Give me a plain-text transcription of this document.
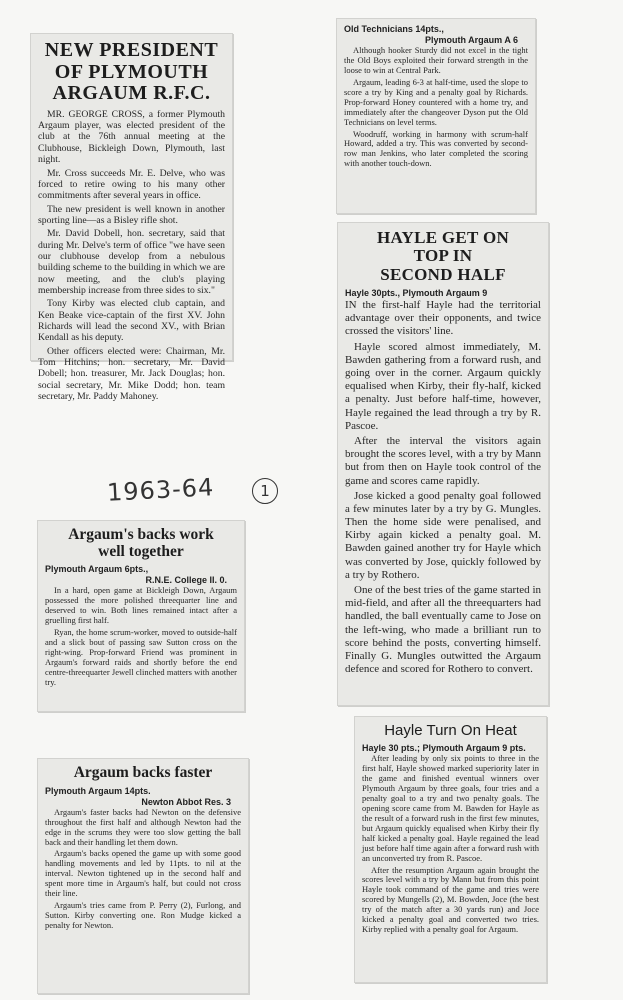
NEW PRESIDENT
OF PLYMOUTH
ARGAUM R.F.C.

MR. GEORGE CROSS, a former Plymouth Argaum player, was elected president of the club at the 76th annual meeting at the Clubhouse, Bickleigh Down, Plymouth, last night.

Mr. Cross succeeds Mr. E. Delve, who was forced to retire owing to his many other commitments after several years in office.

The new president is well known in another sporting line—as a Bisley rifle shot.

Mr. David Dobell, hon. secretary, said that during Mr. Delve's term of office "we have seen our clubhouse develop from a nebulous building scheme to the building in which we are now meeting, and the club's playing membership increase from three sides to six."

Tony Kirby was elected club captain, and Ken Beake vice-captain of the first XV. John Richards will lead the second XV., with Brian Kendall as his deputy.

Other officers elected were: Chairman, Mr. Tom Hitchins; hon. secretary, Mr. David Dobell; hon. treasurer, Mr. Jack Douglas; hon. social secretary, Mr. Mike Dodd; hon. team secretary, Mr. Paddy Mahoney.

1963-64	1
Argaum's backs work
well together
Plymouth Argaum 6pts.,
R.N.E. College II. 0.

In a hard, open game at Bickleigh Down, Argaum possessed the more polished threequarter line and deserved to win. Both lines remained intact after a gruelling first half.

Ryan, the home scrum-worker, moved to outside-half and a slick bout of passing saw Sutton cross on the right-wing. Prop-forward Friend was prominent in Argaum's forward raids and shortly before the end centre-threequarter Jewell clinched matters with another try.

Argaum backs faster
Plymouth Argaum 14pts.
Newton Abbot Res. 3

Argaum's faster backs had Newton on the defensive throughout the first half and although Newton had the edge in the scrums they were too slow getting the ball back and their handling let them down.

Argaum's backs opened the game up with some good handling movements and led by 11pts. to nil at the interval. Newton tightened up in the second half and spent more time in Argaum's half, but could not cross their line.

Argaum's tries came from P. Perry (2), Furlong, and Sutton. Kirby converting one. Ron Mudge kicked a penalty for Newton.

Old Technicians 14pts.,
Plymouth Argaum A 6

Although hooker Sturdy did not excel in the tight the Old Boys exploited their forward strength in the loose to win at Central Park.

Argaum, leading 6-3 at half-time, used the slope to score a try by King and a penalty goal by Richards. Prop-forward Honey countered with a home try, and immediately after the changeover Dyson put the Old Technicians on level terms.

Woodruff, working in harmony with scrum-half Howard, added a try. This was converted by second-row man Jenkins, who later completed the scoring with another touch-down.

HAYLE GET ON
TOP IN
SECOND HALF
Hayle 30pts., Plymouth Argaum 9

IN the first-half Hayle had the territorial advantage over their opponents, and twice crossed the visitors' line.

Hayle scored almost immediately, M. Bawden gathering from a forward rush, and going over in the corner. Argaum quickly equalised when Kirby, their fly-half, kicked a penalty. Just before half-time, however, Hayle regained the lead through a try by R. Pascoe.

After the interval the visitors again brought the scores level, with a try by Mann but from then on Hayle took control of the game and scores came rapidly.

Jose kicked a good penalty goal followed a few minutes later by a try by G. Mungles. Then the home side were penalised, and Kirby again kicked a penalty goal. M. Bawden gained another try for Hayle which was converted by Jose, quickly followed by a try by Rothero.

One of the best tries of the game started in mid-field, and after all the threequarters had handled, the ball eventually came to Jose on the left-wing, who made a brilliant run to score behind the posts, converting himself. Finally G. Mungles outwitted the Argaum defence and scored for Rothero to convert.

Hayle Turn On Heat
Hayle 30 pts.; Plymouth Argaum 9 pts.

After leading by only six points to three in the first half, Hayle showed marked superiority later in the game and finished eventual winners over Plymouth Argaum by three goals, four tries and a penalty goal to a try and two penalty goals. The opening score came from M. Bawden for Hayle as the result of a forward rush in the first few minutes, but Argaum quickly equalised when Kirby their fly half kicked a penalty goal. Hayle regained the lead just before half time again after a forward rush with an unconverted try from R. Pascoe.

After the resumption Argaum again brought the scores level with a try by Mann but from this point Hayle took command of the game and tries were scored by Mungells (2), M. Bowden, Joce (the best try of the match after a 30 yards run) and Joce kicked a penalty goal and converted two tries. Kirby replied with a penalty goal for Argaum.
